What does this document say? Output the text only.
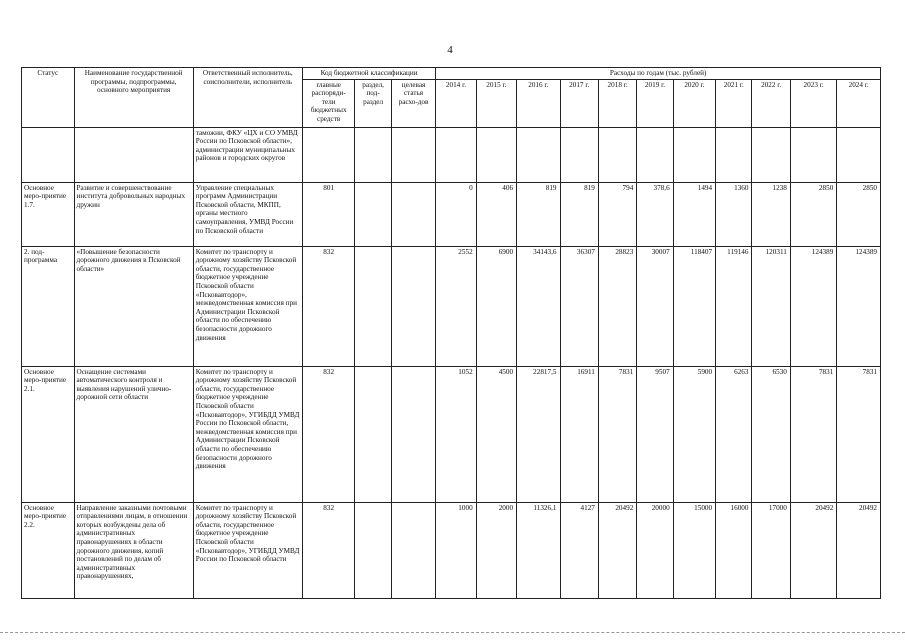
4
Статус	Наименование государственной программы, подпрограммы, основного мероприятия	Ответственный исполнитель, соисполнители, исполнитель	Код бюджетной классификации			Расходы по годам (тыс. рублей)										
			главные распоряди-тели бюджетных средств	раздел, под-раздел	целевая статья расхо-дов	2014 г.	2015 г.	2016 г.	2017 г.	2018 г.	2019 г.	2020 г.	2021 г.	2022 г.	2023 г.	2024 г.
		таможни, ФКУ «ЦХ и СО УМВД России по Псковской области», администрации муниципальных районов и городских округов														
Основное меро-приятие 1.7.	Развитие и совершенствование института добровольных народных дружин	Управление специальных программ Администрации Псковской области, МКПП, органы местного самоуправления, УМВД России по Псковской области	801			0	406	819	819	794	378,6	1494	1360	1238	2850	2850
2. под-программа	«Повышение безопасности дорожного движения в Псковской области»	Комитет по транспорту и дорожному хозяйству Псковской области, государственное бюджетное учреждение Псковской области «Псковавтодор», межведомственная комиссия при Администрации Псковской области по обеспечению безопасности дорожного движения	832			2552	6900	34143,6	36307	28823	30007	118407	119146	120311	124389	124389
Основное меро-приятие 2.1.	Оснащение системами автоматического контроля и выявления нарушений улично-дорожной сети области	Комитет по транспорту и дорожному хозяйству Псковской области, государственное бюджетное учреждение Псковской области «Псковавтодор», УГИБДД УМВД России по Псковской области, межведомственная комиссия при Администрации Псковской области по обеспечению безопасности дорожного движения	832			1052	4500	22817,5	16911	7831	9507	5900	6263	6530	7831	7831
Основное меро-приятие 2.2.	Направление заказными почтовыми отправлениями лицам, в отношении которых возбуждены дела об административных правонарушениях в области дорожного движения, копий постановлений по делам об административных правонарушениях,	Комитет по транспорту и дорожному хозяйству Псковской области, государственное бюджетное учреждение Псковской области «Псковавтодор», УГИБДД УМВД России по Псковской области	832			1000	2000	11326,1	4127	20492	20000	15000	16000	17000	20492	20492
